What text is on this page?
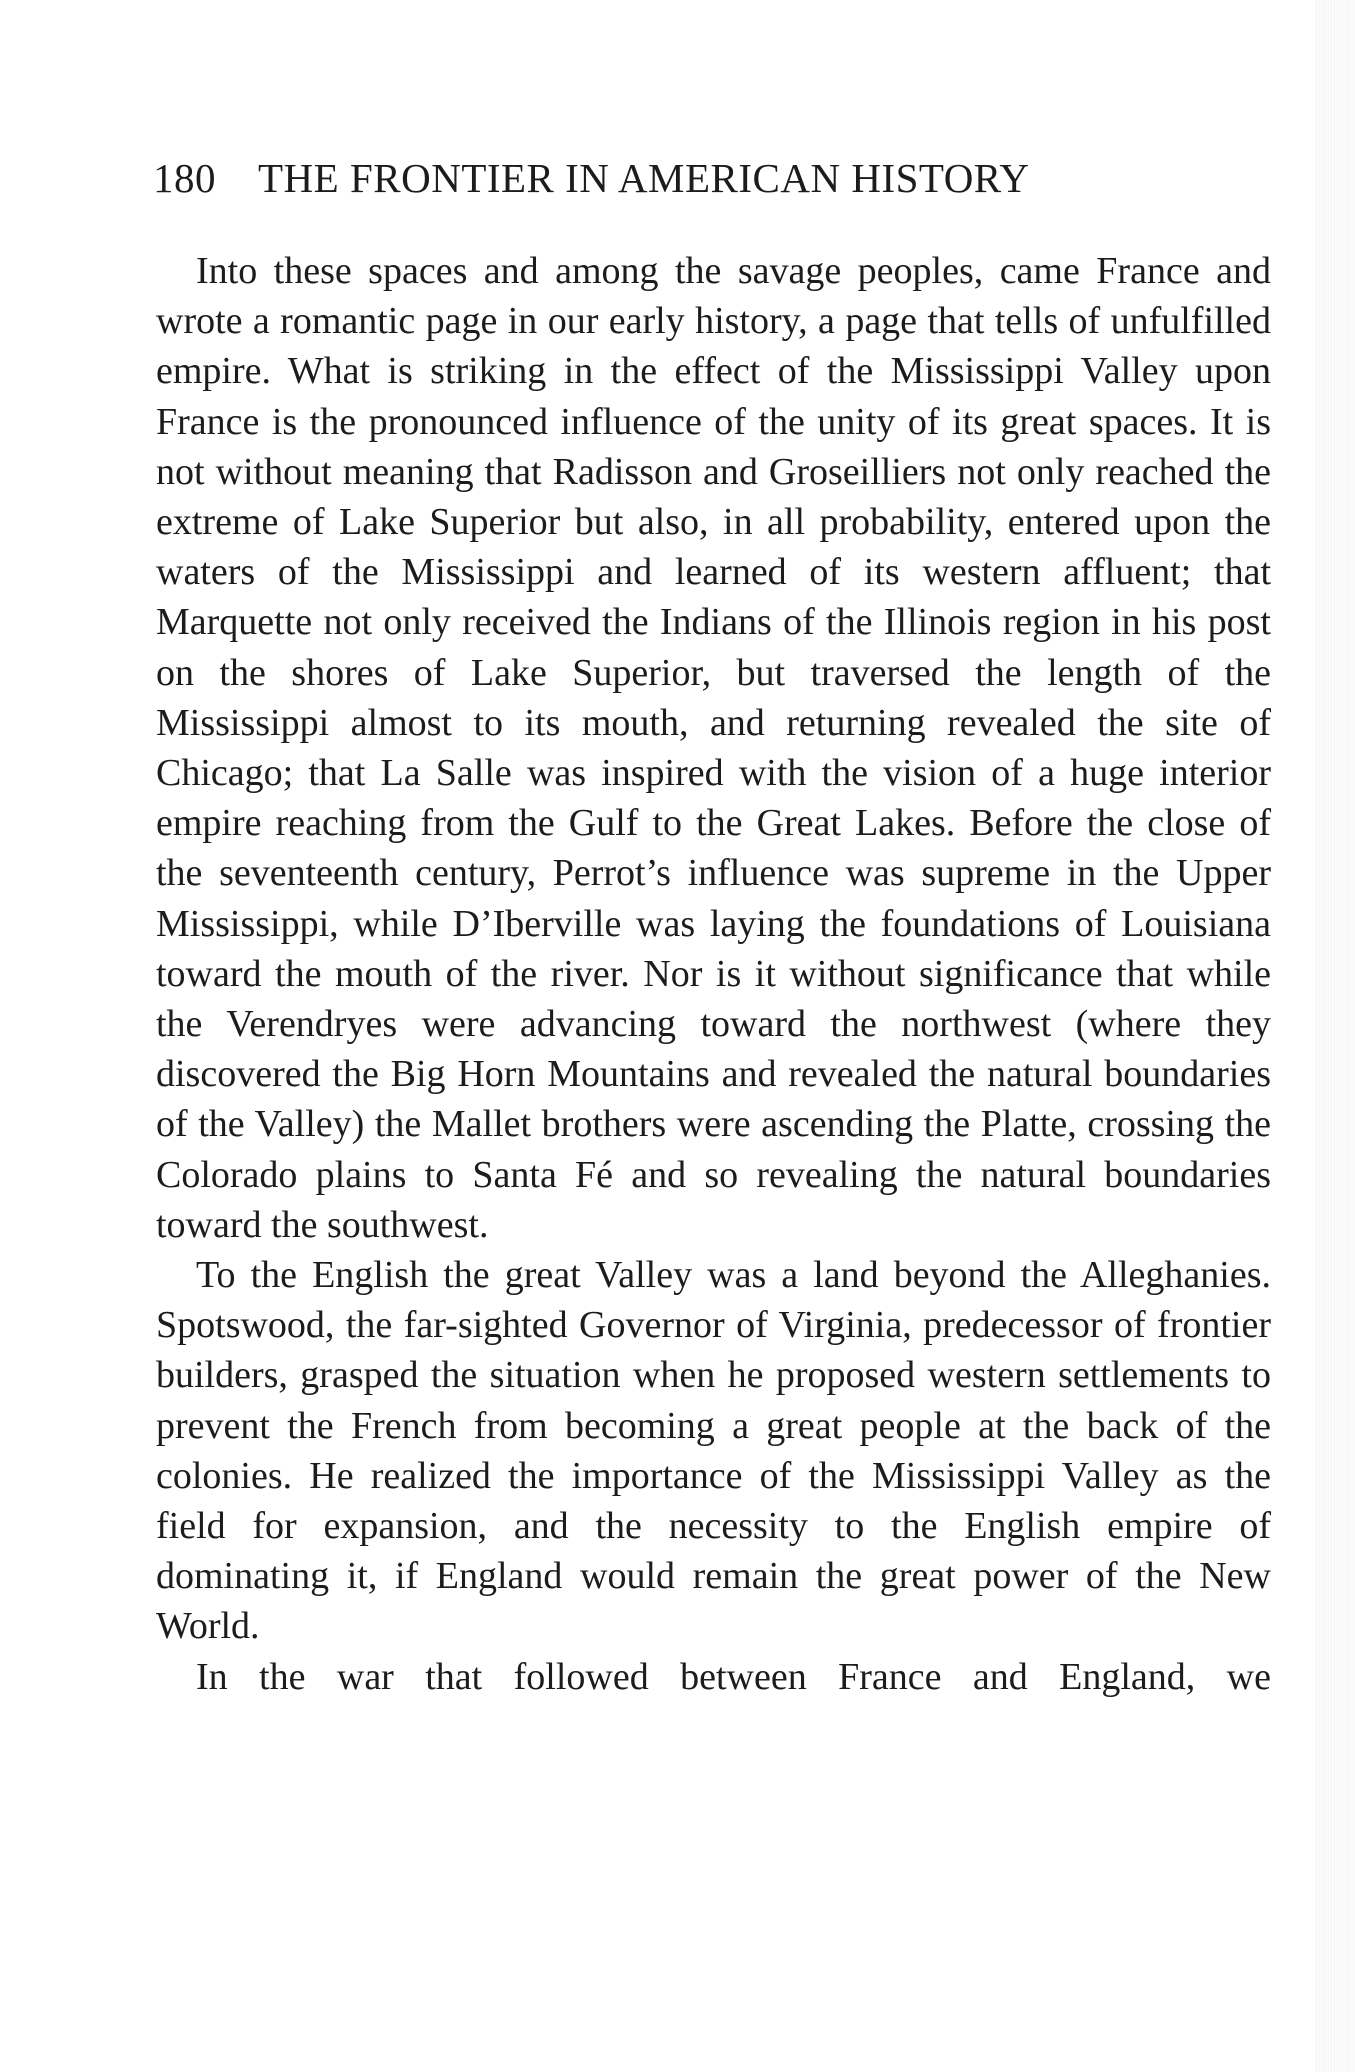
180 THE FRONTIER IN AMERICAN HISTORY

Into these spaces and among the savage peoples, came France and wrote a romantic page in our early history, a page that tells of unfulfilled empire. What is striking in the effect of the Mississippi Valley upon France is the pronounced influence of the unity of its great spaces. It is not without meaning that Radisson and Groseilliers not only reached the extreme of Lake Superior but also, in all probability, entered upon the waters of the Mississippi and learned of its western affluent; that Marquette not only received the Indians of the Illinois region in his post on the shores of Lake Superior, but traversed the length of the Mississippi almost to its mouth, and returning revealed the site of Chicago; that La Salle was inspired with the vision of a huge interior empire reaching from the Gulf to the Great Lakes. Before the close of the seventeenth century, Perrot’s influence was supreme in the Upper Mississippi, while D’Iberville was laying the foundations of Louisiana toward the mouth of the river. Nor is it without significance that while the Verendryes were advancing toward the northwest (where they discovered the Big Horn Mountains and revealed the natural boundaries of the Valley) the Mallet brothers were ascending the Platte, crossing the Colorado plains to Santa Fé and so revealing the natural boundaries toward the southwest.

To the English the great Valley was a land beyond the Alleghanies. Spotswood, the far-sighted Governor of Virginia, predecessor of frontier builders, grasped the situation when he proposed western settlements to prevent the French from becoming a great people at the back of the colonies. He realized the importance of the Mississippi Valley as the field for expansion, and the necessity to the English empire of dominating it, if England would remain the great power of the New World.

In the war that followed between France and England, we
